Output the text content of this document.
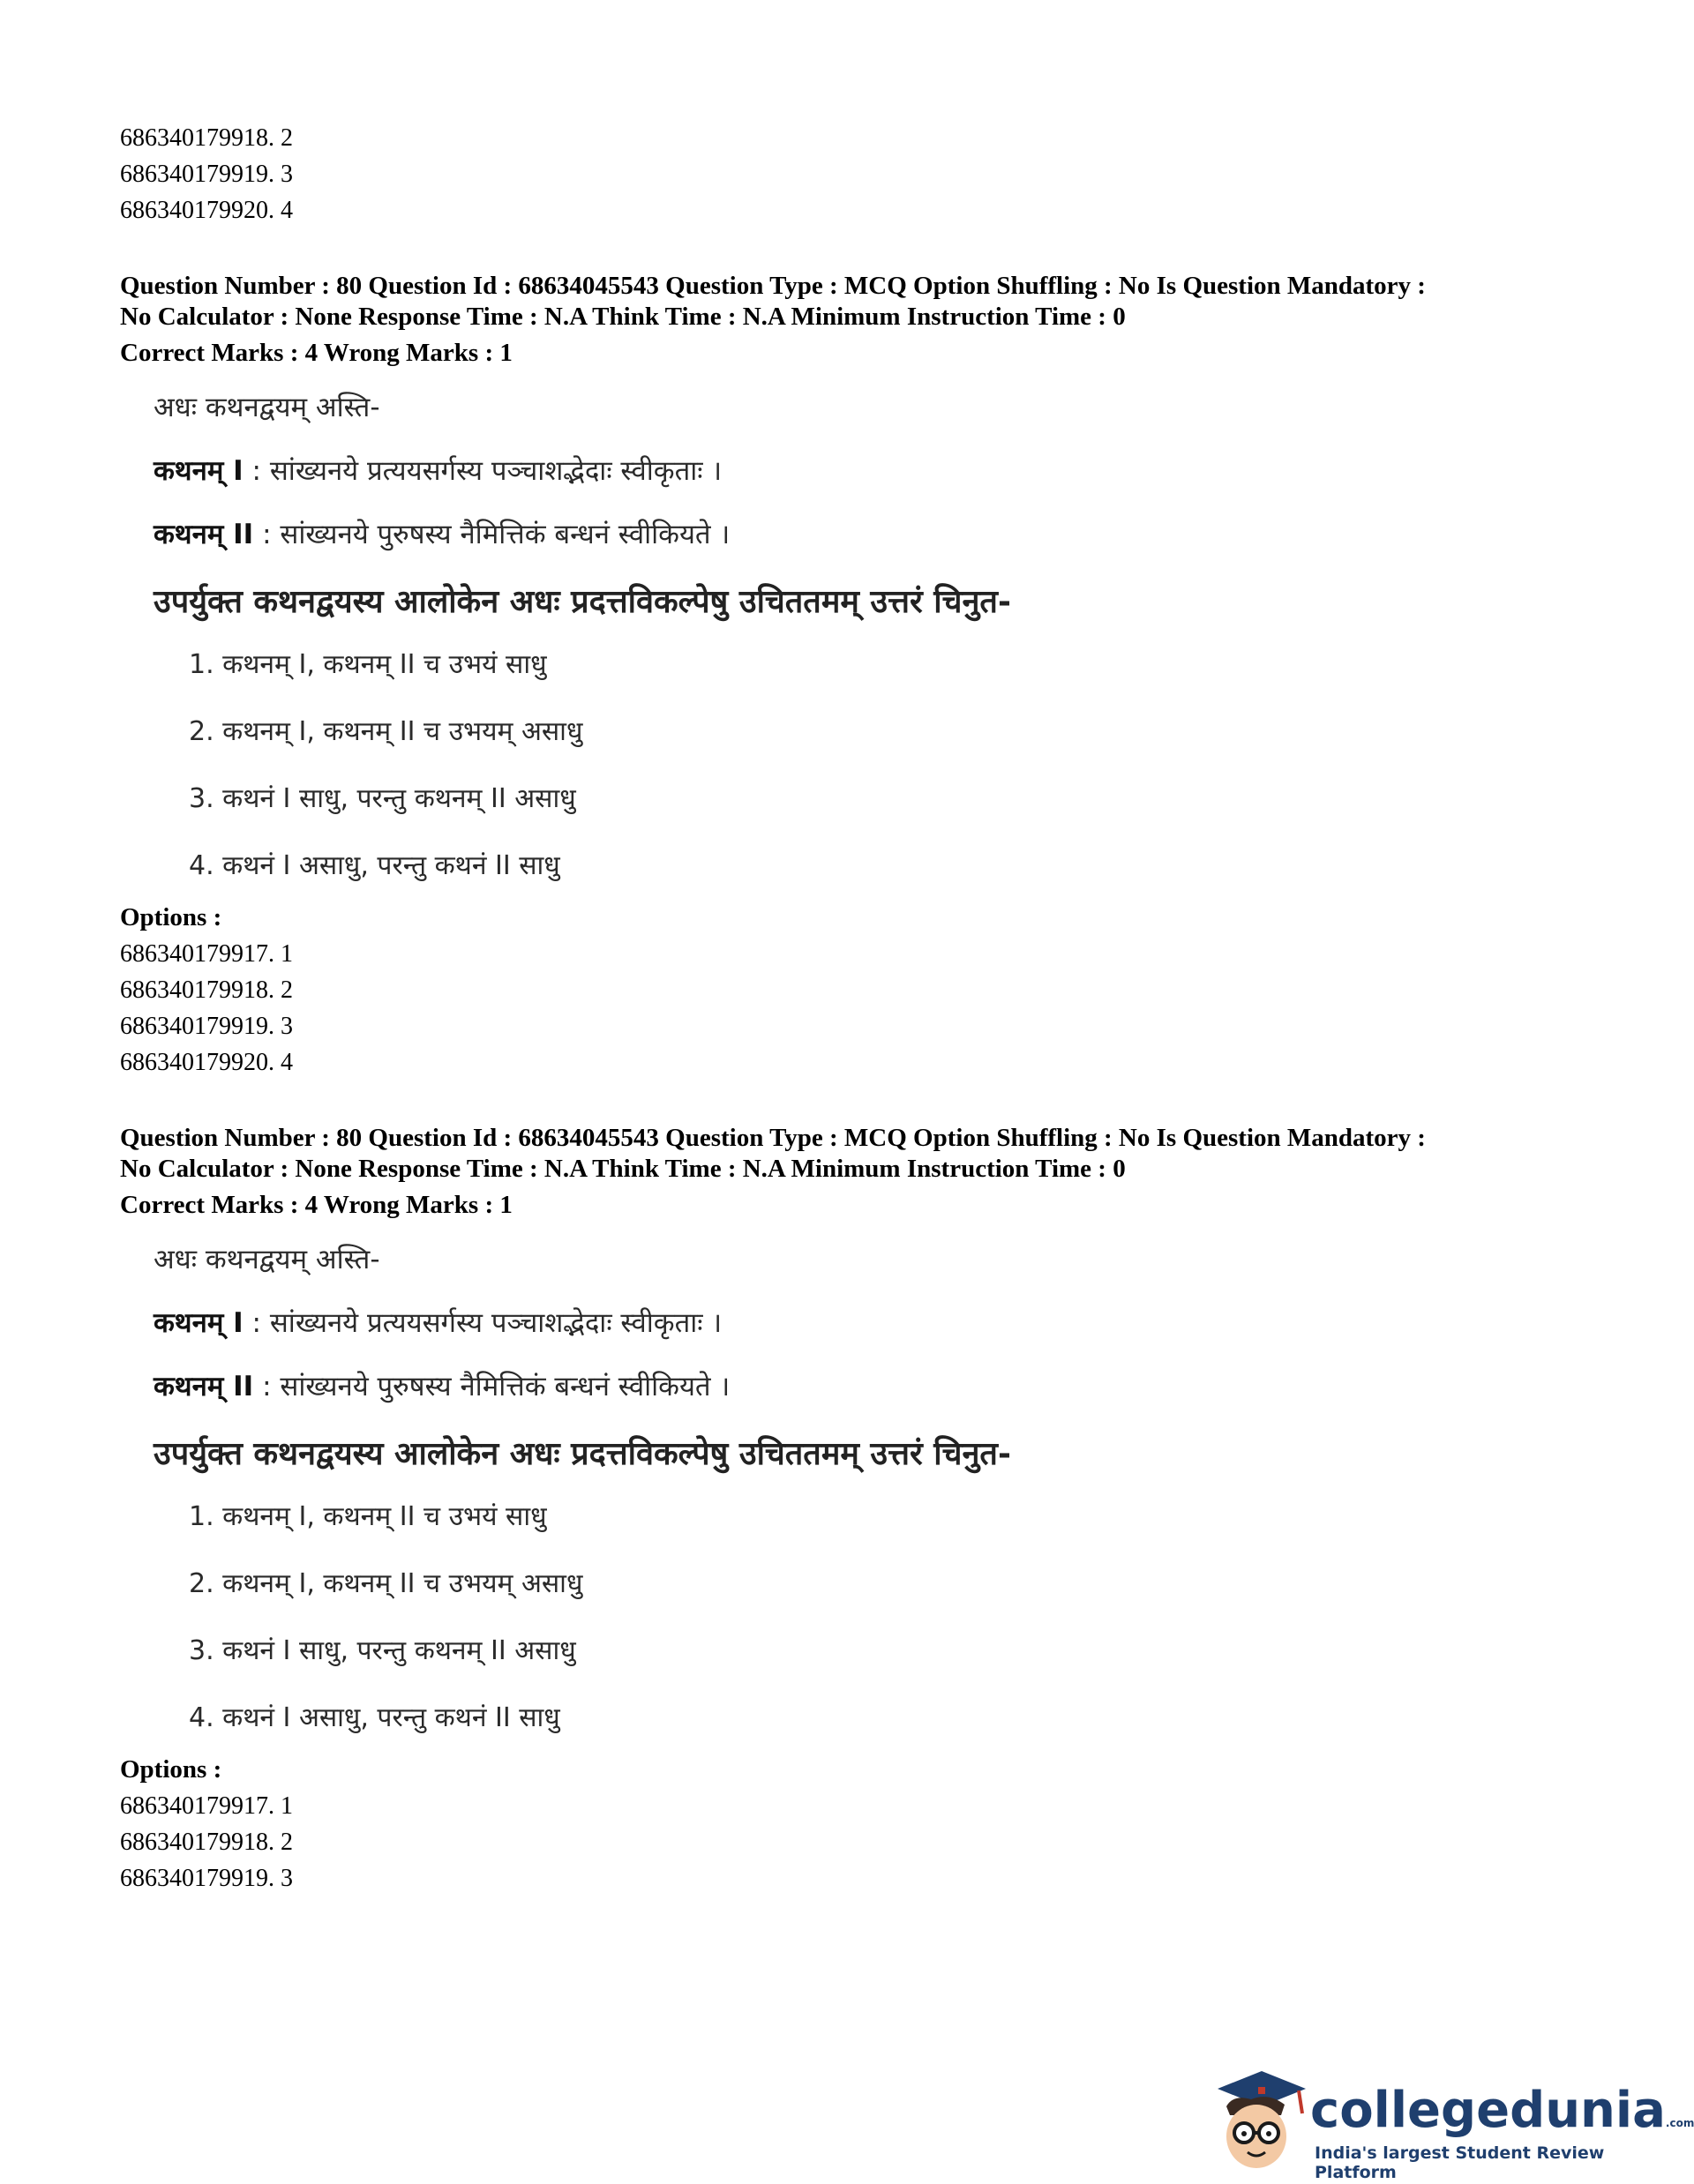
686340179918. 2
686340179919. 3
686340179920. 4
Question Number : 80 Question Id : 68634045543 Question Type : MCQ Option Shuffling : No Is Question Mandatory :
No Calculator : None Response Time : N.A Think Time : N.A Minimum Instruction Time : 0
Correct Marks : 4 Wrong Marks : 1
अधः कथनद्वयम् अस्ति-
कथनम् I : सांख्यनये प्रत्ययसर्गस्य पञ्चाशद्भेदाः स्वीकृताः ।
कथनम् II : सांख्यनये पुरुषस्य नैमित्तिकं बन्धनं स्वीकियते ।
उपर्युक्त कथनद्वयस्य आलोकेन अधः प्रदत्तविकल्पेषु उचिततमम् उत्तरं चिनुत-
1. कथनम् I, कथनम् II च उभयं साधु
2. कथनम् I, कथनम् II च उभयम् असाधु
3. कथनं I साधु, परन्तु कथनम् II असाधु
4. कथनं I असाधु, परन्तु कथनं II साधु
Options :
686340179917. 1
686340179918. 2
686340179919. 3
686340179920. 4
Question Number : 80 Question Id : 68634045543 Question Type : MCQ Option Shuffling : No Is Question Mandatory :
No Calculator : None Response Time : N.A Think Time : N.A Minimum Instruction Time : 0
Correct Marks : 4 Wrong Marks : 1
अधः कथनद्वयम् अस्ति-
कथनम् I : सांख्यनये प्रत्ययसर्गस्य पञ्चाशद्भेदाः स्वीकृताः ।
कथनम् II : सांख्यनये पुरुषस्य नैमित्तिकं बन्धनं स्वीकियते ।
उपर्युक्त कथनद्वयस्य आलोकेन अधः प्रदत्तविकल्पेषु उचिततमम् उत्तरं चिनुत-
1. कथनम् I, कथनम् II च उभयं साधु
2. कथनम् I, कथनम् II च उभयम् असाधु
3. कथनं I साधु, परन्तु कथनम् II असाधु
4. कथनं I असाधु, परन्तु कथनं II साधु
Options :
686340179917. 1
686340179918. 2
686340179919. 3
collegedunia.com
India's largest Student Review Platform
